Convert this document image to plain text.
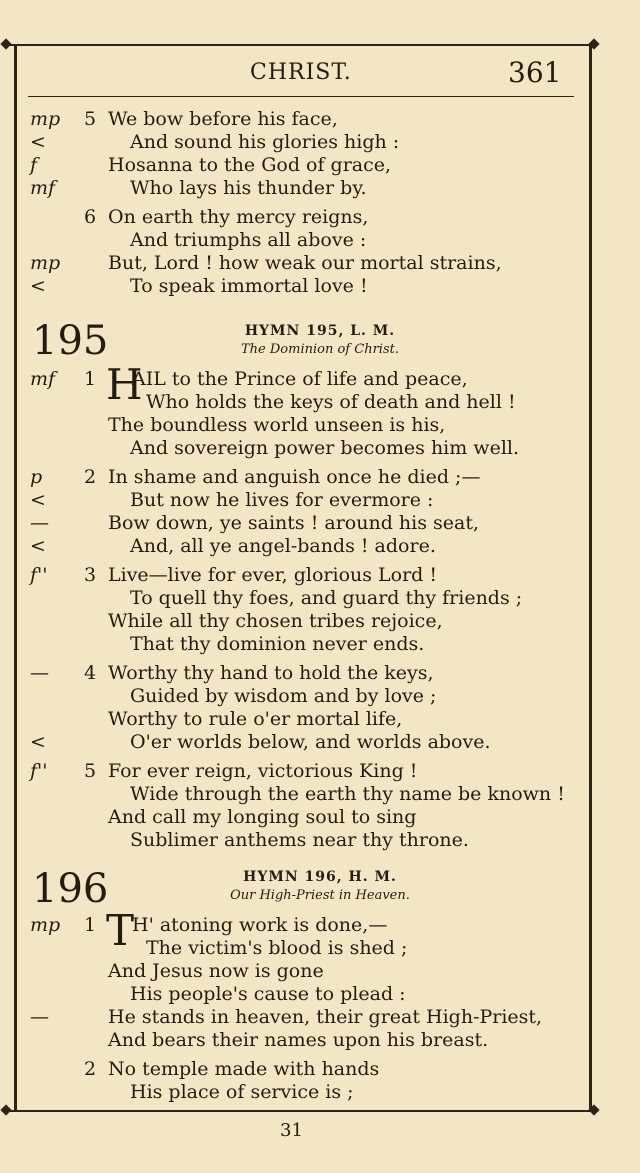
CHRIST.	361
mp 5 We bow before his face,
<	And sound his glories high :
f	Hosanna to the God of grace,
mf	Who lays his thunder by.
6 On earth thy mercy reigns,
And triumphs all above :
mp	But, Lord ! how weak our mortal strains,
<	To speak immortal love !
195	HYMN 195, L. M.
The Dominion of Christ.
mf 1 H
AIL to the Prince of life and peace,
Who holds the keys of death and hell !
The boundless world unseen is his,
And sovereign power becomes him well.
p 2 In shame and anguish once he died ;—
<	But now he lives for evermore :
—	Bow down, ye saints ! around his seat,
<	And, all ye angel-bands ! adore.
f'' 3 Live—live for ever, glorious Lord !
To quell thy foes, and guard thy friends ;
While all thy chosen tribes rejoice,
That thy dominion never ends.
— 4 Worthy thy hand to hold the keys,
Guided by wisdom and by love ;
Worthy to rule o'er mortal life,
<	O'er worlds below, and worlds above.
f'' 5 For ever reign, victorious King !
Wide through the earth thy name be known !
And call my longing soul to sing
Sublimer anthems near thy throne.
196	HYMN 196, H. M.
Our High-Priest in Heaven.
mp 1 T
H' atoning work is done,—
The victim's blood is shed ;
And Jesus now is gone
His people's cause to plead :
—	He stands in heaven, their great High-Priest,
And bears their names upon his breast.
2 No temple made with hands
His place of service is ;
31
